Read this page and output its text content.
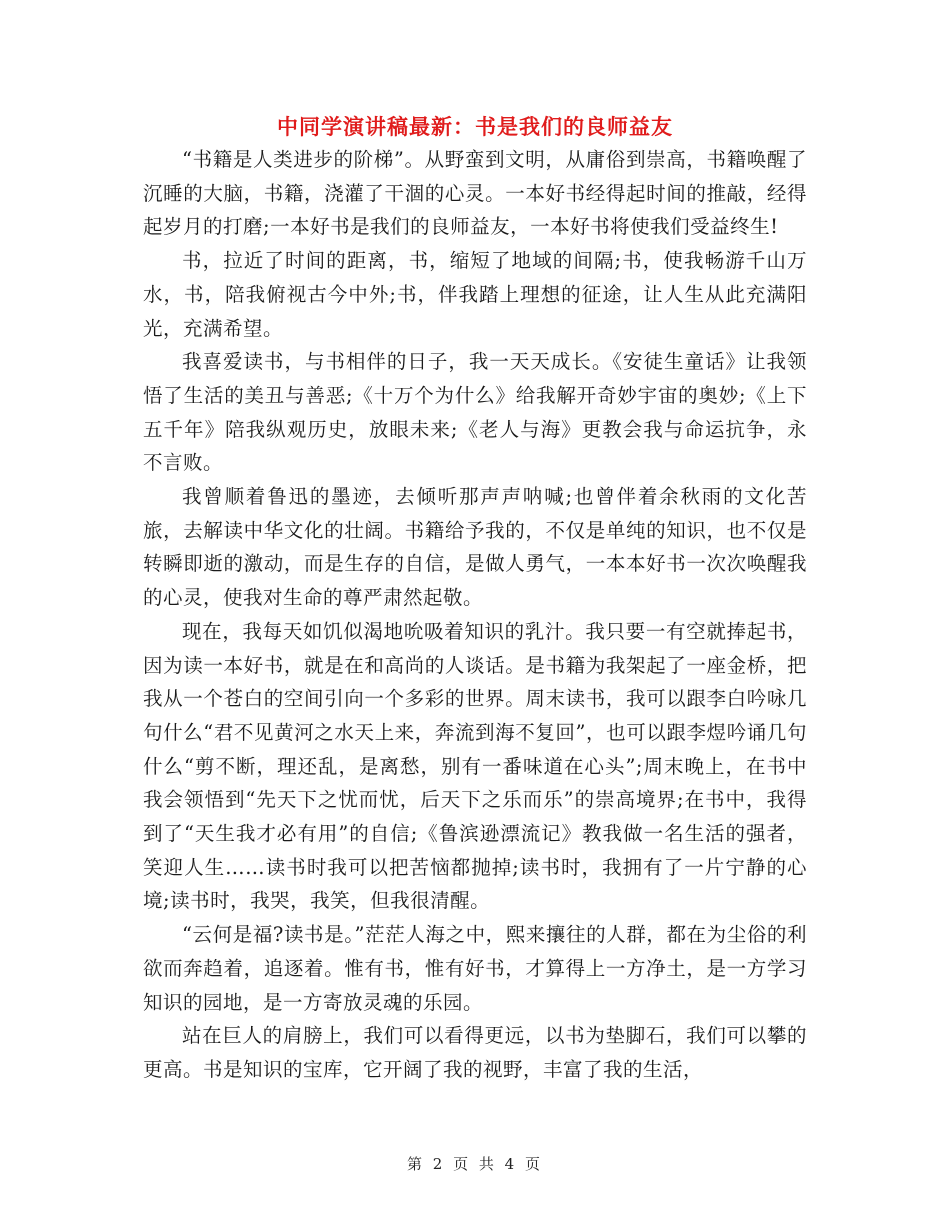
中同学演讲稿最新：书是我们的良师益友

“书籍是人类进步的阶梯”。从野蛮到文明，从庸俗到崇高，书籍唤醒了沉睡的大脑，书籍，浇灌了干涸的心灵。一本好书经得起时间的推敲，经得起岁月的打磨;一本好书是我们的良师益友，一本好书将使我们受益终生!

书，拉近了时间的距离，书，缩短了地域的间隔;书，使我畅游千山万水，书，陪我俯视古今中外;书，伴我踏上理想的征途，让人生从此充满阳光，充满希望。

我喜爱读书，与书相伴的日子，我一天天成长。《安徒生童话》让我领悟了生活的美丑与善恶;《十万个为什么》给我解开奇妙宇宙的奥妙;《上下五千年》陪我纵观历史，放眼未来;《老人与海》更教会我与命运抗争，永不言败。

我曾顺着鲁迅的墨迹，去倾听那声声呐喊;也曾伴着余秋雨的文化苦旅，去解读中华文化的壮阔。书籍给予我的，不仅是单纯的知识，也不仅是转瞬即逝的激动，而是生存的自信，是做人勇气，一本本好书一次次唤醒我的心灵，使我对生命的尊严肃然起敬。

现在，我每天如饥似渴地吮吸着知识的乳汁。我只要一有空就捧起书，因为读一本好书，就是在和高尚的人谈话。是书籍为我架起了一座金桥，把我从一个苍白的空间引向一个多彩的世界。周末读书，我可以跟李白吟咏几句什么“君不见黄河之水天上来，奔流到海不复回”，也可以跟李煜吟诵几句什么“剪不断，理还乱，是离愁，别有一番味道在心头”;周末晚上，在书中我会领悟到“先天下之忧而忧，后天下之乐而乐”的崇高境界;在书中，我得到了“天生我才必有用”的自信;《鲁滨逊漂流记》教我做一名生活的强者，笑迎人生……读书时我可以把苦恼都抛掉;读书时，我拥有了一片宁静的心境;读书时，我哭，我笑，但我很清醒。

“云何是福?读书是。”茫茫人海之中，熙来攘往的人群，都在为尘俗的利欲而奔趋着，追逐着。惟有书，惟有好书，才算得上一方净土，是一方学习知识的园地，是一方寄放灵魂的乐园。

站在巨人的肩膀上，我们可以看得更远，以书为垫脚石，我们可以攀的更高。书是知识的宝库，它开阔了我的视野，丰富了我的生活，

第 2 页 共 4 页
